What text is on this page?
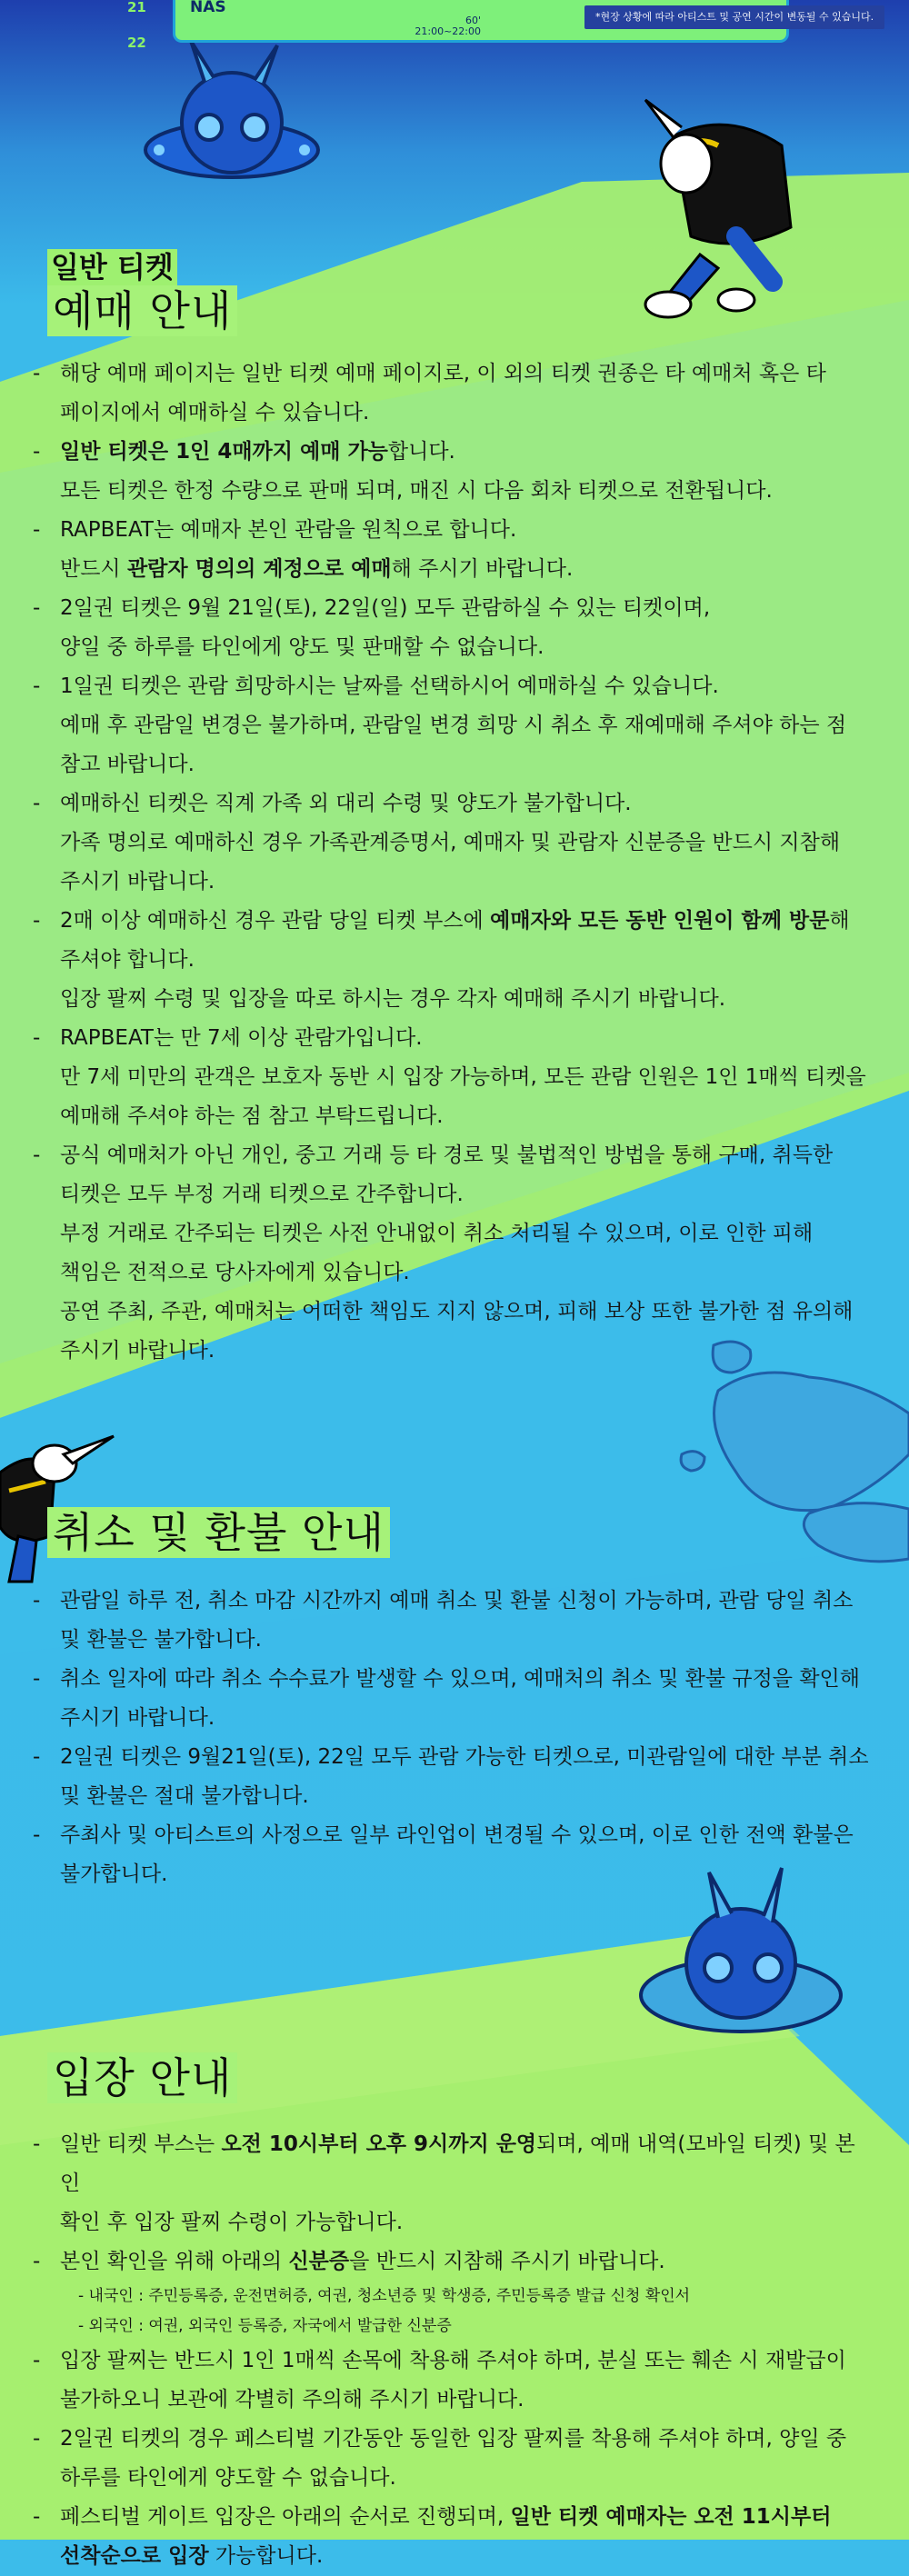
21
22
NAS
60'
21:00~22:00
*현장 상황에 따라 아티스트 및 공연 시간이 변동될 수 있습니다.
일반 티켓
예매 안내
- 해당 예매 페이지는 일반 티켓 예매 페이지로, 이 외의 티켓 권종은 타 예매처 혹은 타
페이지에서 예매하실 수 있습니다.
- 일반 티켓은 1인 4매까지 예매 가능합니다.
모든 티켓은 한정 수량으로 판매 되며, 매진 시 다음 회차 티켓으로 전환됩니다.
- RAPBEAT는 예매자 본인 관람을 원칙으로 합니다.
반드시 관람자 명의의 계정으로 예매해 주시기 바랍니다.
- 2일권 티켓은 9월 21일(토), 22일(일) 모두 관람하실 수 있는 티켓이며,
양일 중 하루를 타인에게 양도 및 판매할 수 없습니다.
- 1일권 티켓은 관람 희망하시는 날짜를 선택하시어 예매하실 수 있습니다.
예매 후 관람일 변경은 불가하며, 관람일 변경 희망 시 취소 후 재예매해 주셔야 하는 점
참고 바랍니다.
- 예매하신 티켓은 직계 가족 외 대리 수령 및 양도가 불가합니다.
가족 명의로 예매하신 경우 가족관계증명서, 예매자 및 관람자 신분증을 반드시 지참해
주시기 바랍니다.
- 2매 이상 예매하신 경우 관람 당일 티켓 부스에 예매자와 모든 동반 인원이 함께 방문해
주셔야 합니다.
입장 팔찌 수령 및 입장을 따로 하시는 경우 각자 예매해 주시기 바랍니다.
- RAPBEAT는 만 7세 이상 관람가입니다.
만 7세 미만의 관객은 보호자 동반 시 입장 가능하며, 모든 관람 인원은 1인 1매씩 티켓을
예매해 주셔야 하는 점 참고 부탁드립니다.
- 공식 예매처가 아닌 개인, 중고 거래 등 타 경로 및 불법적인 방법을 통해 구매, 취득한
티켓은 모두 부정 거래 티켓으로 간주합니다.
부정 거래로 간주되는 티켓은 사전 안내없이 취소 처리될 수 있으며, 이로 인한 피해
책임은 전적으로 당사자에게 있습니다.
공연 주최, 주관, 예매처는 어떠한 책임도 지지 않으며, 피해 보상 또한 불가한 점 유의해
주시기 바랍니다.
취소 및 환불 안내
- 관람일 하루 전, 취소 마감 시간까지 예매 취소 및 환불 신청이 가능하며, 관람 당일 취소
및 환불은 불가합니다.
- 취소 일자에 따라 취소 수수료가 발생할 수 있으며, 예매처의 취소 및 환불 규정을 확인해
주시기 바랍니다.
- 2일권 티켓은 9월21일(토), 22일 모두 관람 가능한 티켓으로, 미관람일에 대한 부분 취소
및 환불은 절대 불가합니다.
- 주최사 및 아티스트의 사정으로 일부 라인업이 변경될 수 있으며, 이로 인한 전액 환불은
불가합니다.
입장 안내
- 일반 티켓 부스는 오전 10시부터 오후 9시까지 운영되며, 예매 내역(모바일 티켓) 및 본인
확인 후 입장 팔찌 수령이 가능합니다.
- 본인 확인을 위해 아래의 신분증을 반드시 지참해 주시기 바랍니다.
- 내국인 : 주민등록증, 운전면허증, 여권, 청소년증 및 학생증, 주민등록증 발급 신청 확인서
- 외국인 : 여권, 외국인 등록증, 자국에서 발급한 신분증
- 입장 팔찌는 반드시 1인 1매씩 손목에 착용해 주셔야 하며, 분실 또는 훼손 시 재발급이
불가하오니 보관에 각별히 주의해 주시기 바랍니다.
- 2일권 티켓의 경우 페스티벌 기간동안 동일한 입장 팔찌를 착용해 주셔야 하며, 양일 중
하루를 타인에게 양도할 수 없습니다.
- 페스티벌 게이트 입장은 아래의 순서로 진행되며, 일반 티켓 예매자는 오전 11시부터
선착순으로 입장 가능합니다.
